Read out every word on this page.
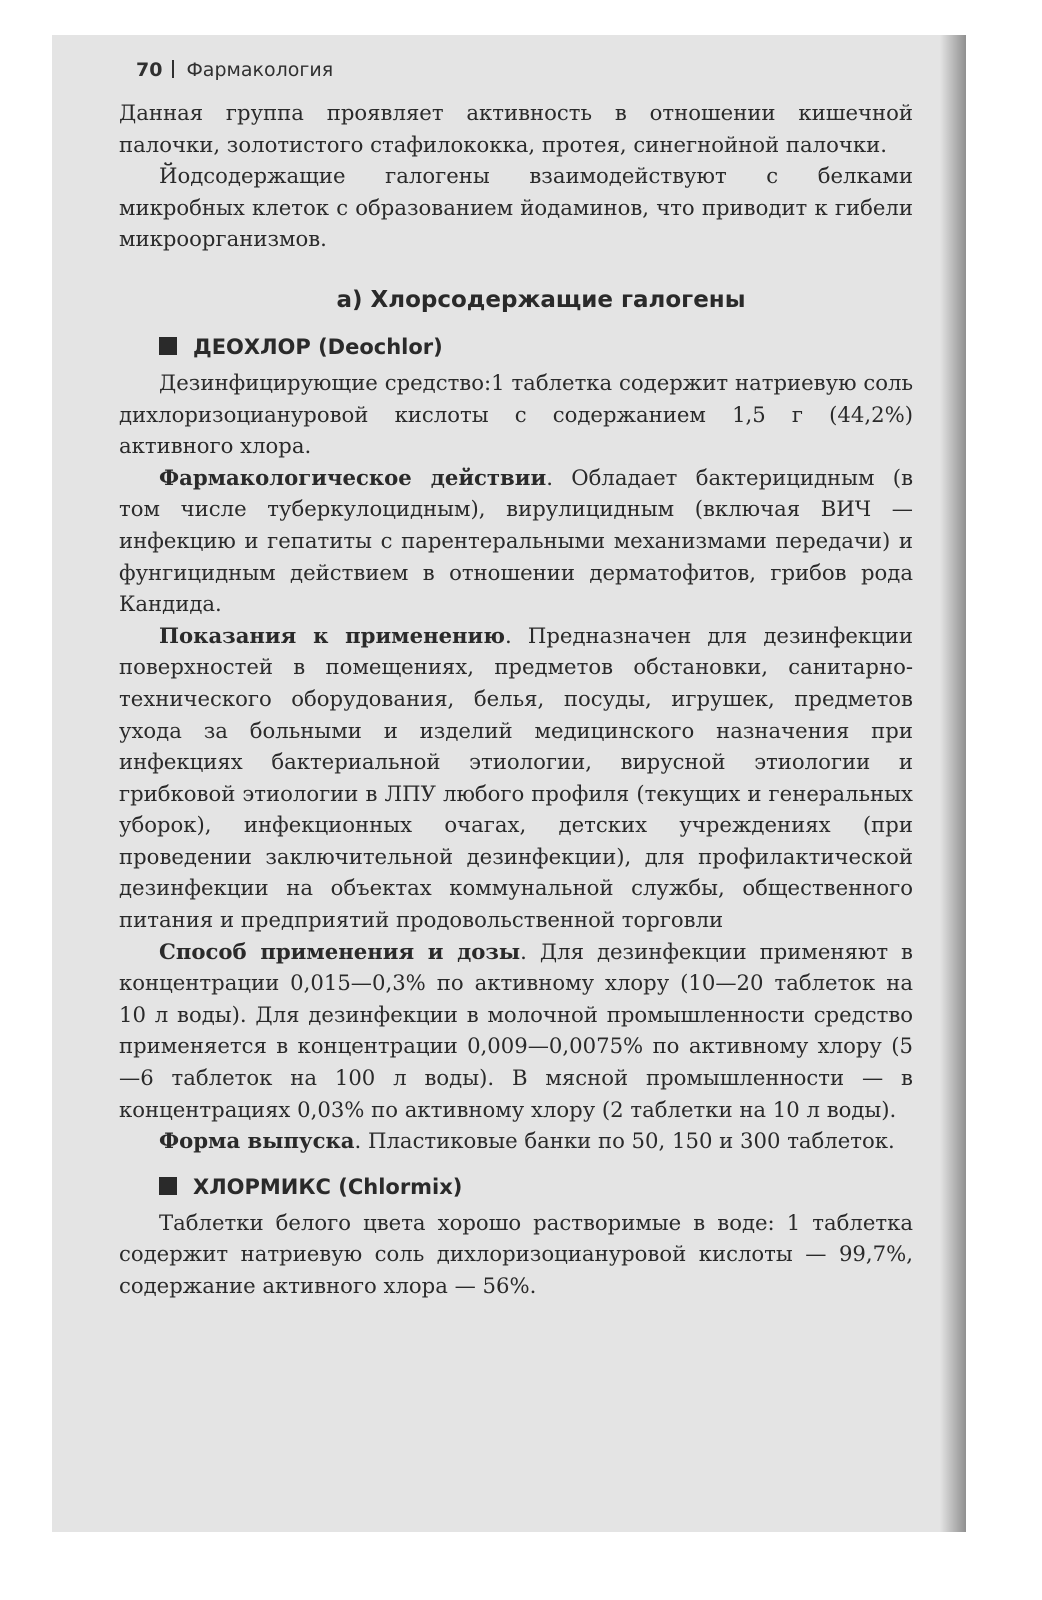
70 Фармакология

Данная группа проявляет активность в отношении кишечной палочки, золотистого стафилококка, протея, синегнойной палочки.

Йодсодержащие галогены взаимодействуют с белками микробных клеток с образованием йодаминов, что приводит к гибели микроорганизмов.

а) Хлорсодержащие галогены
ДЕОХЛОР (Deochlor)

Дезинфицирующие средство:1 таблетка содержит натриевую соль дихлоризоциануровой кислоты с содержанием 1,5 г (44,2%) активного хлора.

Фармакологическое действии. Обладает бактерицидным (в том числе туберкулоцидным), вирулицидным (включая ВИЧ — инфекцию и гепатиты с парентеральными механизмами передачи) и фунгицидным действием в отношении дерматофитов, грибов рода Кандида.

Показания к применению. Предназначен для дезинфекции поверхностей в помещениях, предметов обстановки, санитарно-технического оборудования, белья, посуды, игрушек, предметов ухода за больными и изделий медицинского назначения при инфекциях бактериальной этиологии, вирусной этиологии и грибковой этиологии в ЛПУ любого профиля (текущих и генеральных уборок), инфекционных очагах, детских учреждениях (при проведении заключительной дезинфекции), для профилактической дезинфекции на объектах коммунальной службы, общественного питания и предприятий продовольственной торговли

Способ применения и дозы. Для дезинфекции применяют в концентрации 0,015—0,3% по активному хлору (10—20 таблеток на 10 л воды). Для дезинфекции в молочной промышленности средство применяется в концентрации 0,009—0,0075% по активному хлору (5—6 таблеток на 100 л воды). В мясной промышленности — в концентрациях 0,03% по активному хлору (2 таблетки на 10 л воды).

Форма выпуска. Пластиковые банки по 50, 150 и 300 таблеток.

ХЛОРМИКС (Chlormix)

Таблетки белого цвета хорошо растворимые в воде: 1 таблетка содержит натриевую соль дихлоризоциануровой кислоты — 99,7%, содержание активного хлора — 56%.
